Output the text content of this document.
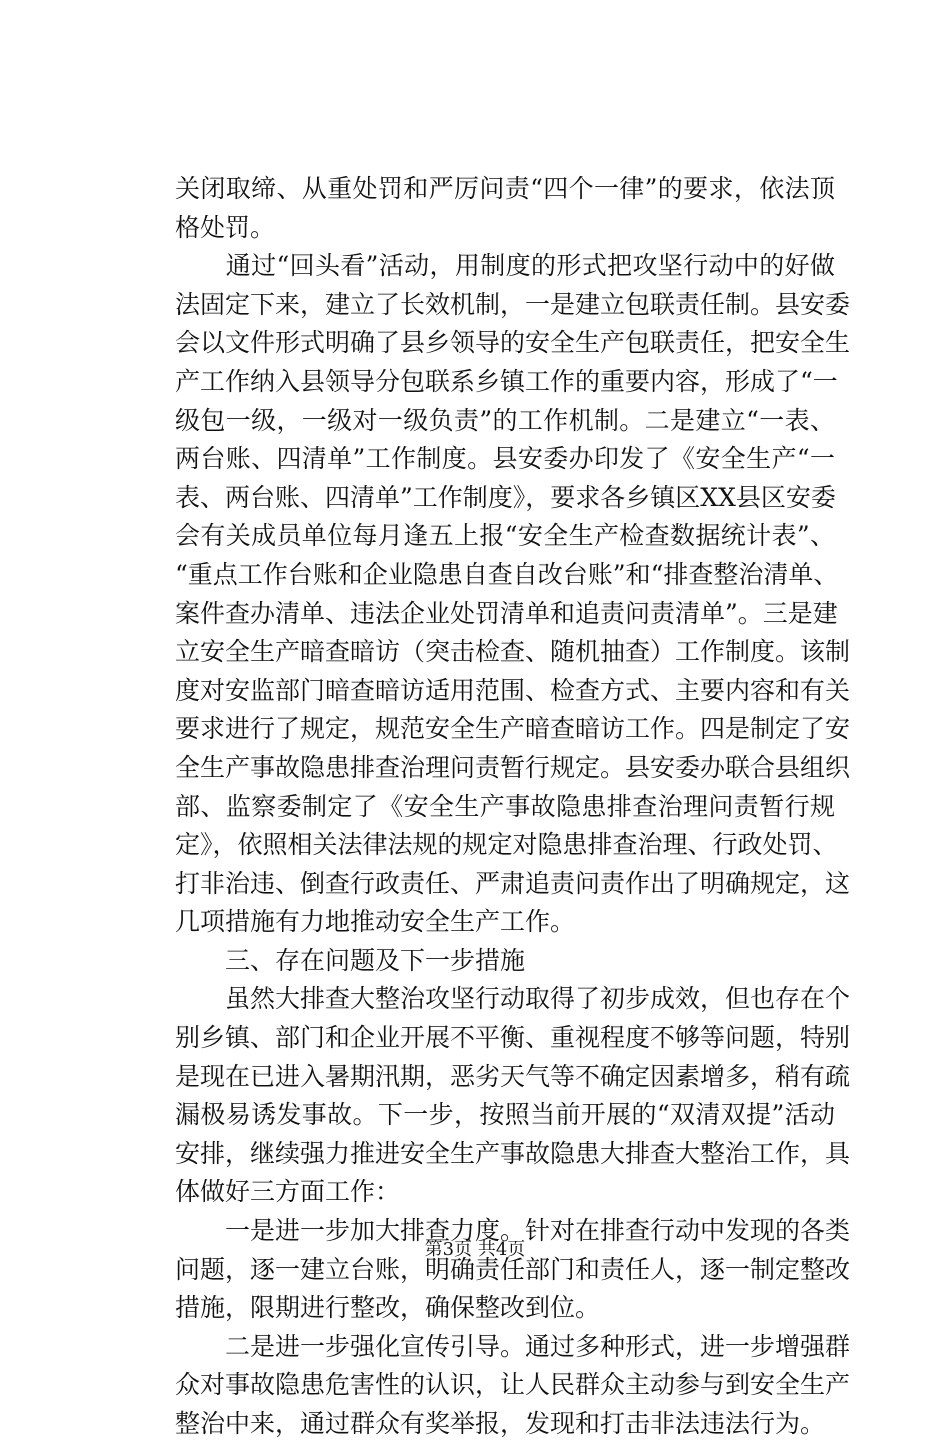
关闭取缔、从重处罚和严厉问责“四个一律”的要求，依法顶
格处罚。
　　通过“回头看”活动，用制度的形式把攻坚行动中的好做
法固定下来，建立了长效机制，一是建立包联责任制。县安委
会以文件形式明确了县乡领导的安全生产包联责任，把安全生
产工作纳入县领导分包联系乡镇工作的重要内容，形成了“一
级包一级，一级对一级负责”的工作机制。二是建立“一表、
两台账、四清单”工作制度。县安委办印发了《安全生产“一
表、两台账、四清单”工作制度》，要求各乡镇区XX县区安委
会有关成员单位每月逢五上报“安全生产检查数据统计表”、
“重点工作台账和企业隐患自查自改台账”和“排查整治清单、
案件查办清单、违法企业处罚清单和追责问责清单”。三是建
立安全生产暗查暗访（突击检查、随机抽查）工作制度。该制
度对安监部门暗查暗访适用范围、检查方式、主要内容和有关
要求进行了规定，规范安全生产暗查暗访工作。四是制定了安
全生产事故隐患排查治理问责暂行规定。县安委办联合县组织
部、监察委制定了《安全生产事故隐患排查治理问责暂行规
定》，依照相关法律法规的规定对隐患排查治理、行政处罚、
打非治违、倒查行政责任、严肃追责问责作出了明确规定，这
几项措施有力地推动安全生产工作。
　　三、存在问题及下一步措施
　　虽然大排查大整治攻坚行动取得了初步成效，但也存在个
别乡镇、部门和企业开展不平衡、重视程度不够等问题，特别
是现在已进入暑期汛期，恶劣天气等不确定因素增多，稍有疏
漏极易诱发事故。下一步，按照当前开展的“双清双提”活动
安排，继续强力推进安全生产事故隐患大排查大整治工作，具
体做好三方面工作：
　　一是进一步加大排查力度。针对在排查行动中发现的各类
问题，逐一建立台账，明确责任部门和责任人，逐一制定整改
措施，限期进行整改，确保整改到位。
　　二是进一步强化宣传引导。通过多种形式，进一步增强群
众对事故隐患危害性的认识，让人民群众主动参与到安全生产
整治中来，通过群众有奖举报，发现和打击非法违法行为。
第3页 共4页
